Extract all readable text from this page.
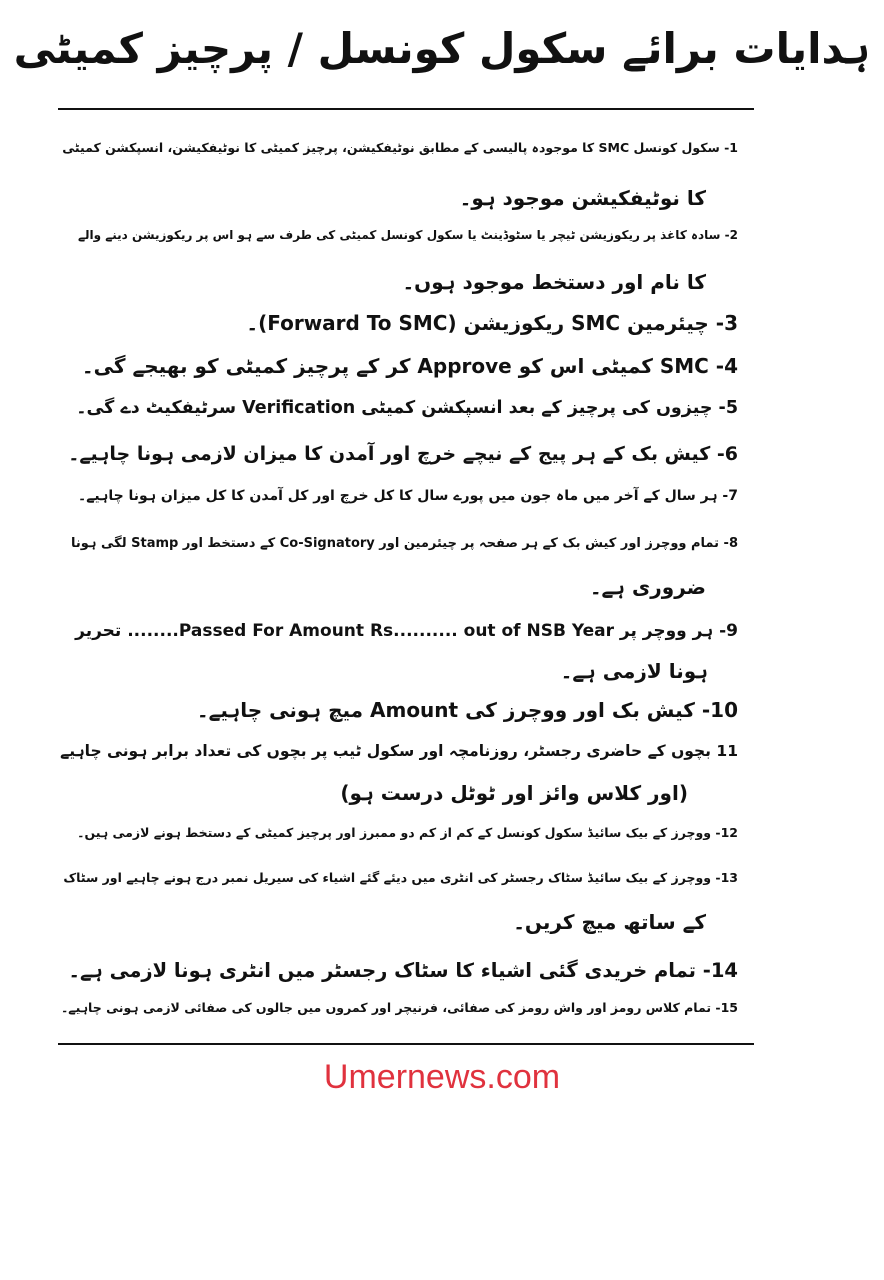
ہدایات برائے سکول کونسل / پرچیز کمیٹی
1- سکول کونسل SMC کا موجودہ پالیسی کے مطابق نوٹیفکیشن، پرچیز کمیٹی کا نوٹیفکیشن، انسپکشن کمیٹی
کا نوٹیفکیشن موجود ہو۔
2- سادہ کاغذ پر ریکوزیشن ٹیچر یا سٹوڈینٹ یا سکول کونسل کمیٹی کی طرف سے ہو اس پر ریکوزیشن دینے والے
کا نام اور دستخط موجود ہوں۔
3- چیئرمین SMC ریکوزیشن (Forward To SMC)۔
4- SMC کمیٹی اس کو Approve کر کے پرچیز کمیٹی کو بھیجے گی۔
5- چیزوں کی پرچیز کے بعد انسپکشن کمیٹی Verification سرٹیفکیٹ دے گی۔
6- کیش بک کے ہر پیج کے نیچے خرچ اور آمدن کا میزان لازمی ہونا چاہیے۔
7- ہر سال کے آخر میں ماہ جون میں پورے سال کا کل خرچ اور کل آمدن کا کل میزان ہونا چاہیے۔
8- تمام ووچرز اور کیش بک کے ہر صفحہ پر چیئرمین اور Co-Signatory کے دستخط اور Stamp لگی ہونا
ضروری ہے۔
9- ہر ووچر پر Passed For Amount Rs.......... out of NSB Year........ تحریر
ہونا لازمی ہے۔
10- کیش بک اور ووچرز کی Amount میچ ہونی چاہیے۔
11 بچوں کے حاضری رجسٹر، روزنامچہ اور سکول ٹیب پر بچوں کی تعداد برابر ہونی چاہیے
(اور کلاس وائز اور ٹوٹل درست ہو)
12- ووچرز کے بیک سائیڈ سکول کونسل کے کم از کم دو ممبرز اور پرچیز کمیٹی کے دستخط ہونے لازمی ہیں۔
13- ووچرز کے بیک سائیڈ سٹاک رجسٹر کی انٹری میں دیئے گئے اشیاء کی سیریل نمبر درج ہونے چاہیے اور سٹاک
کے ساتھ میچ کریں۔
14- تمام خریدی گئی اشیاء کا سٹاک رجسٹر میں انٹری ہونا لازمی ہے۔
15- تمام کلاس رومز اور واش رومز کی صفائی، فرنیچر اور کمروں میں جالوں کی صفائی لازمی ہونی چاہیے۔
Umernews.com
